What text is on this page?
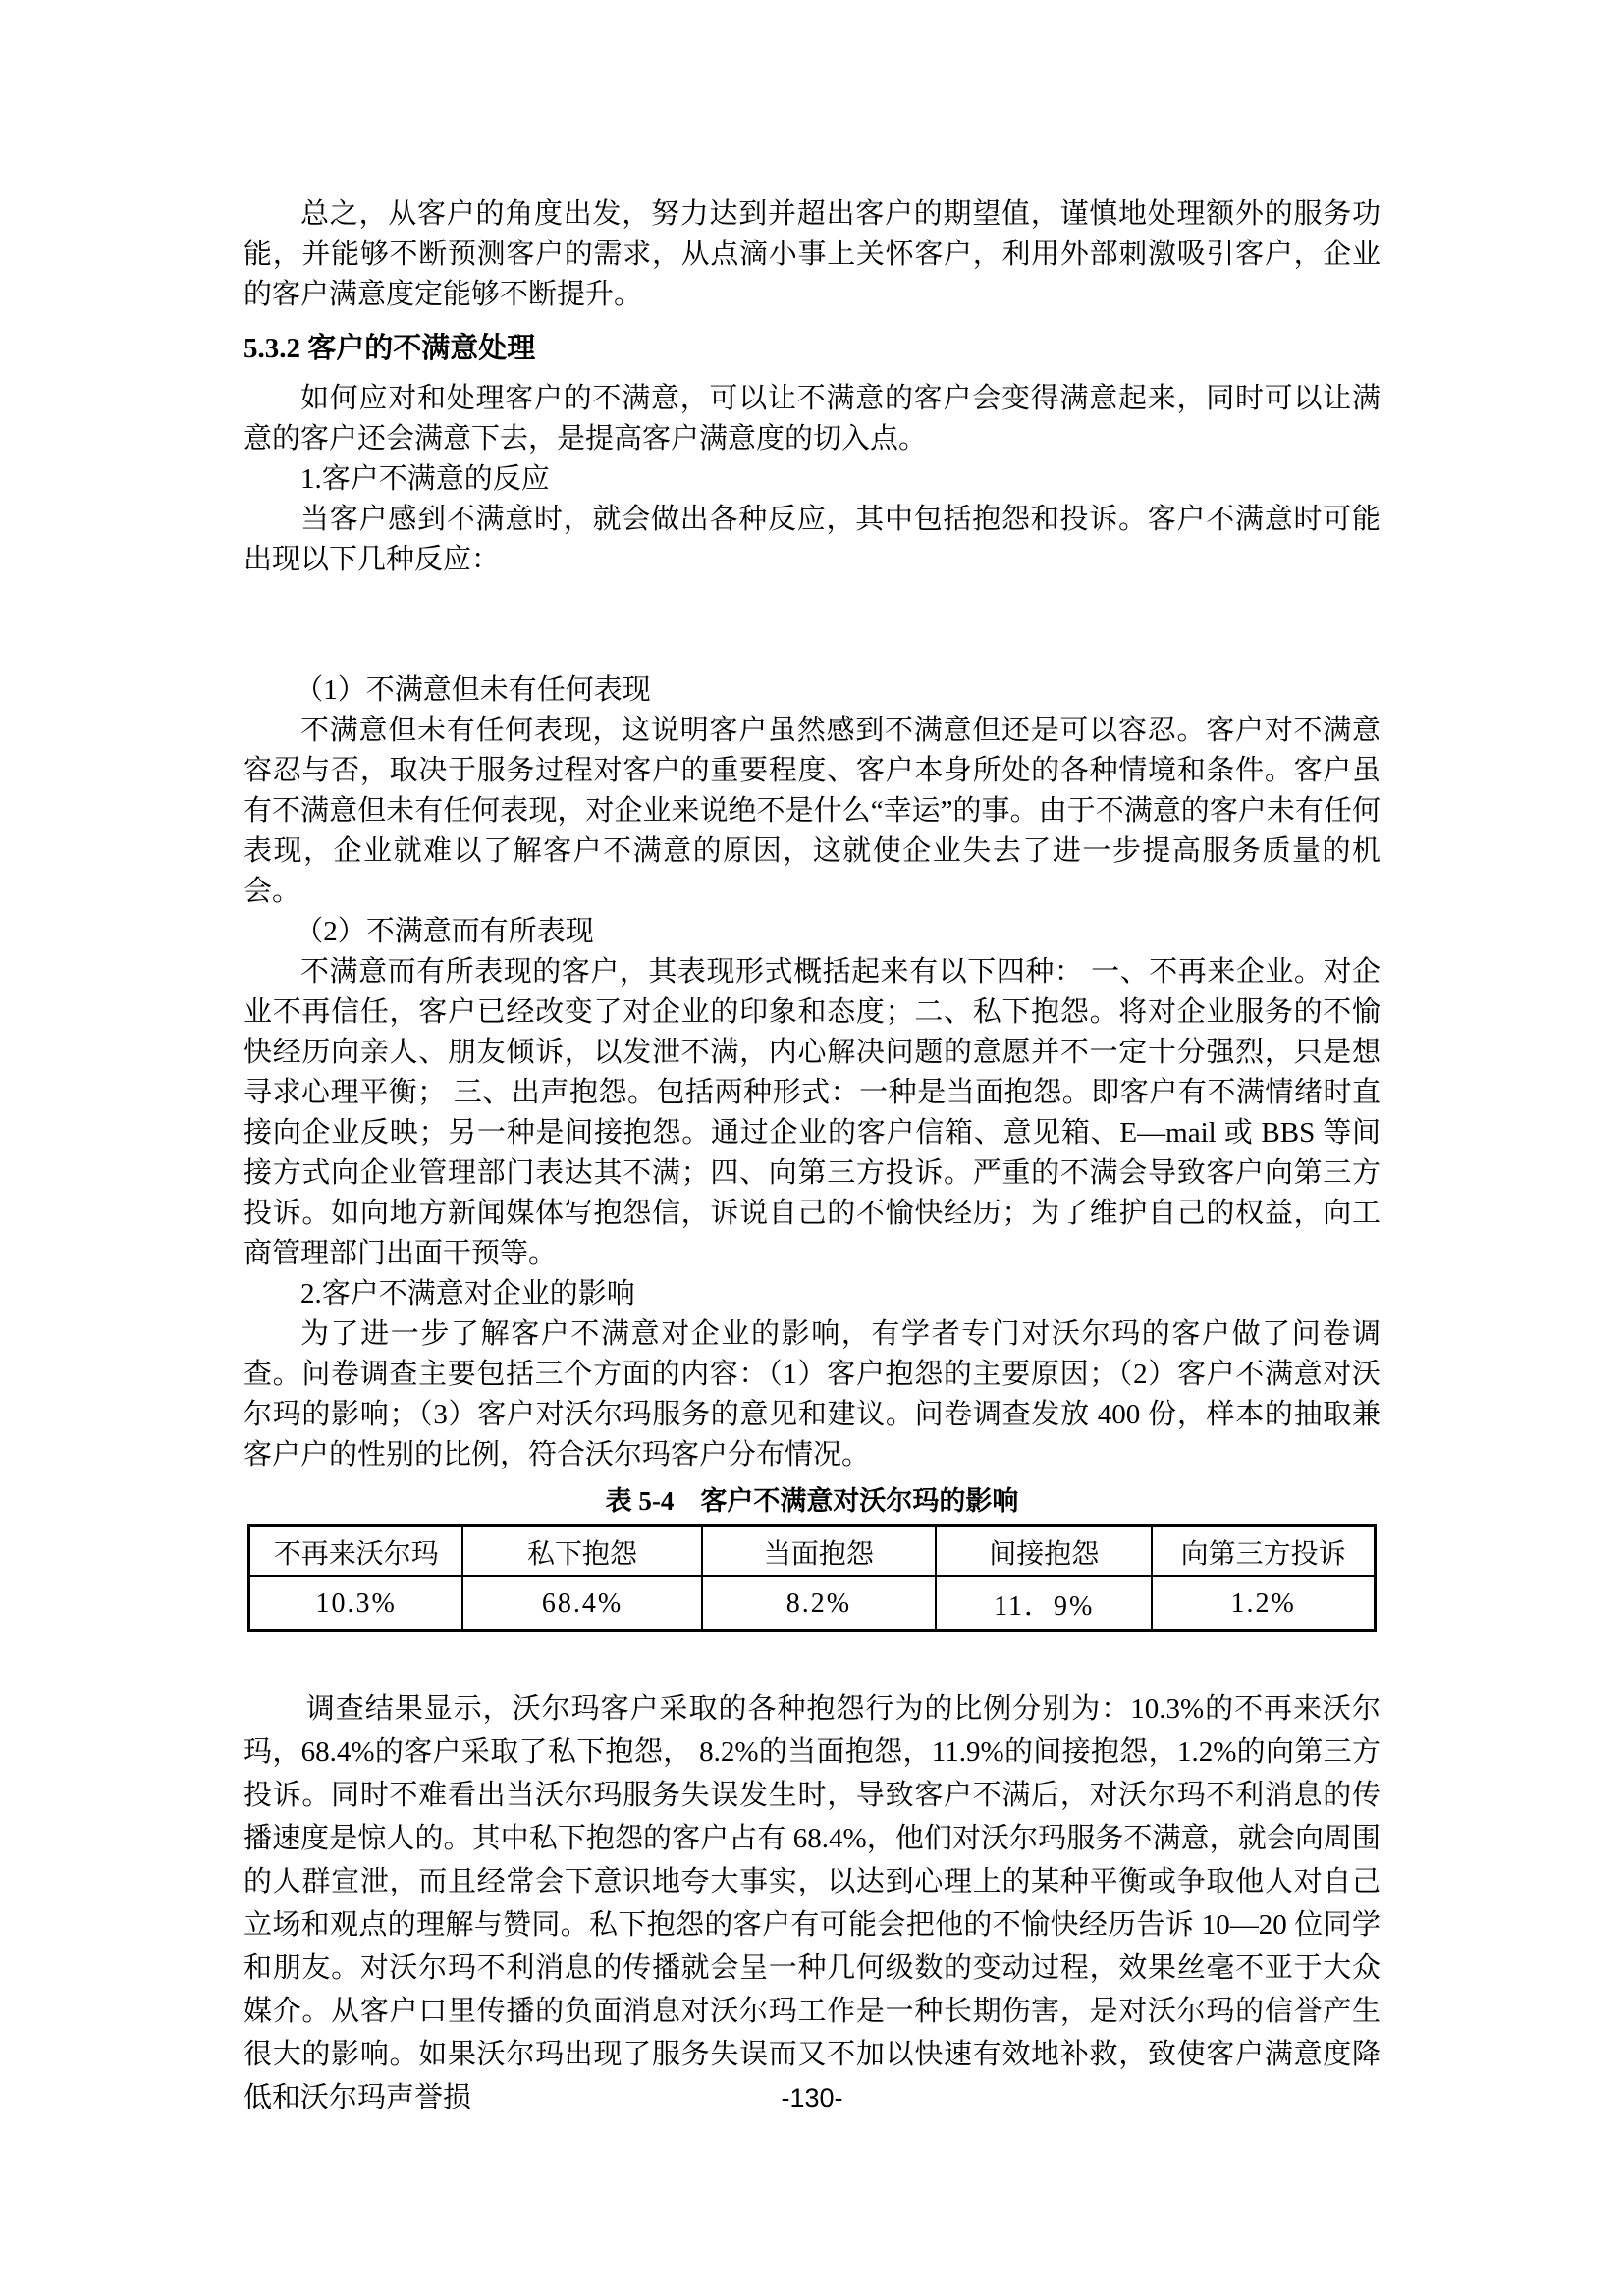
总之，从客户的角度出发，努力达到并超出客户的期望值，谨慎地处理额外的服务功能，并能够不断预测客户的需求，从点滴小事上关怀客户，利用外部刺激吸引客户，企业的客户满意度定能够不断提升。

5.3.2 客户的不满意处理

如何应对和处理客户的不满意，可以让不满意的客户会变得满意起来，同时可以让满意的客户还会满意下去，是提高客户满意度的切入点。

1.客户不满意的反应

当客户感到不满意时，就会做出各种反应，其中包括抱怨和投诉。客户不满意时可能出现以下几种反应：

（1）不满意但未有任何表现

不满意但未有任何表现，这说明客户虽然感到不满意但还是可以容忍。客户对不满意容忍与否，取决于服务过程对客户的重要程度、客户本身所处的各种情境和条件。客户虽有不满意但未有任何表现，对企业来说绝不是什么“幸运”的事。由于不满意的客户未有任何表现，企业就难以了解客户不满意的原因，这就使企业失去了进一步提高服务质量的机会。

（2）不满意而有所表现

不满意而有所表现的客户，其表现形式概括起来有以下四种： 一、不再来企业。对企业不再信任，客户已经改变了对企业的印象和态度；二、私下抱怨。将对企业服务的不愉快经历向亲人、朋友倾诉，以发泄不满，内心解决问题的意愿并不一定十分强烈，只是想寻求心理平衡； 三、出声抱怨。包括两种形式：一种是当面抱怨。即客户有不满情绪时直接向企业反映；另一种是间接抱怨。通过企业的客户信箱、意见箱、E—mail 或 BBS 等间接方式向企业管理部门表达其不满；四、向第三方投诉。严重的不满会导致客户向第三方投诉。如向地方新闻媒体写抱怨信，诉说自己的不愉快经历；为了维护自己的权益，向工商管理部门出面干预等。

2.客户不满意对企业的影响

为了进一步了解客户不满意对企业的影响，有学者专门对沃尔玛的客户做了问卷调查。问卷调查主要包括三个方面的内容：（1）客户抱怨的主要原因；（2）客户不满意对沃尔玛的影响；（3）客户对沃尔玛服务的意见和建议。问卷调查发放 400 份，样本的抽取兼客户户的性别的比例，符合沃尔玛客户分布情况。

表 5-4　客户不满意对沃尔玛的影响

不再来沃尔玛	私下抱怨	当面抱怨	间接抱怨	向第三方投诉
10.3%	68.4%	8.2%	11．9%	1.2%

调查结果显示，沃尔玛客户采取的各种抱怨行为的比例分别为：10.3%的不再来沃尔玛，68.4%的客户采取了私下抱怨， 8.2%的当面抱怨，11.9%的间接抱怨，1.2%的向第三方投诉。同时不难看出当沃尔玛服务失误发生时，导致客户不满后，对沃尔玛不利消息的传播速度是惊人的。其中私下抱怨的客户占有 68.4%，他们对沃尔玛服务不满意，就会向周围的人群宣泄，而且经常会下意识地夸大事实，以达到心理上的某种平衡或争取他人对自己立场和观点的理解与赞同。私下抱怨的客户有可能会把他的不愉快经历告诉 10—20 位同学和朋友。对沃尔玛不利消息的传播就会呈一种几何级数的变动过程，效果丝毫不亚于大众媒介。从客户口里传播的负面消息对沃尔玛工作是一种长期伤害，是对沃尔玛的信誉产生很大的影响。如果沃尔玛出现了服务失误而又不加以快速有效地补救，致使客户满意度降低和沃尔玛声誉损	-130-
